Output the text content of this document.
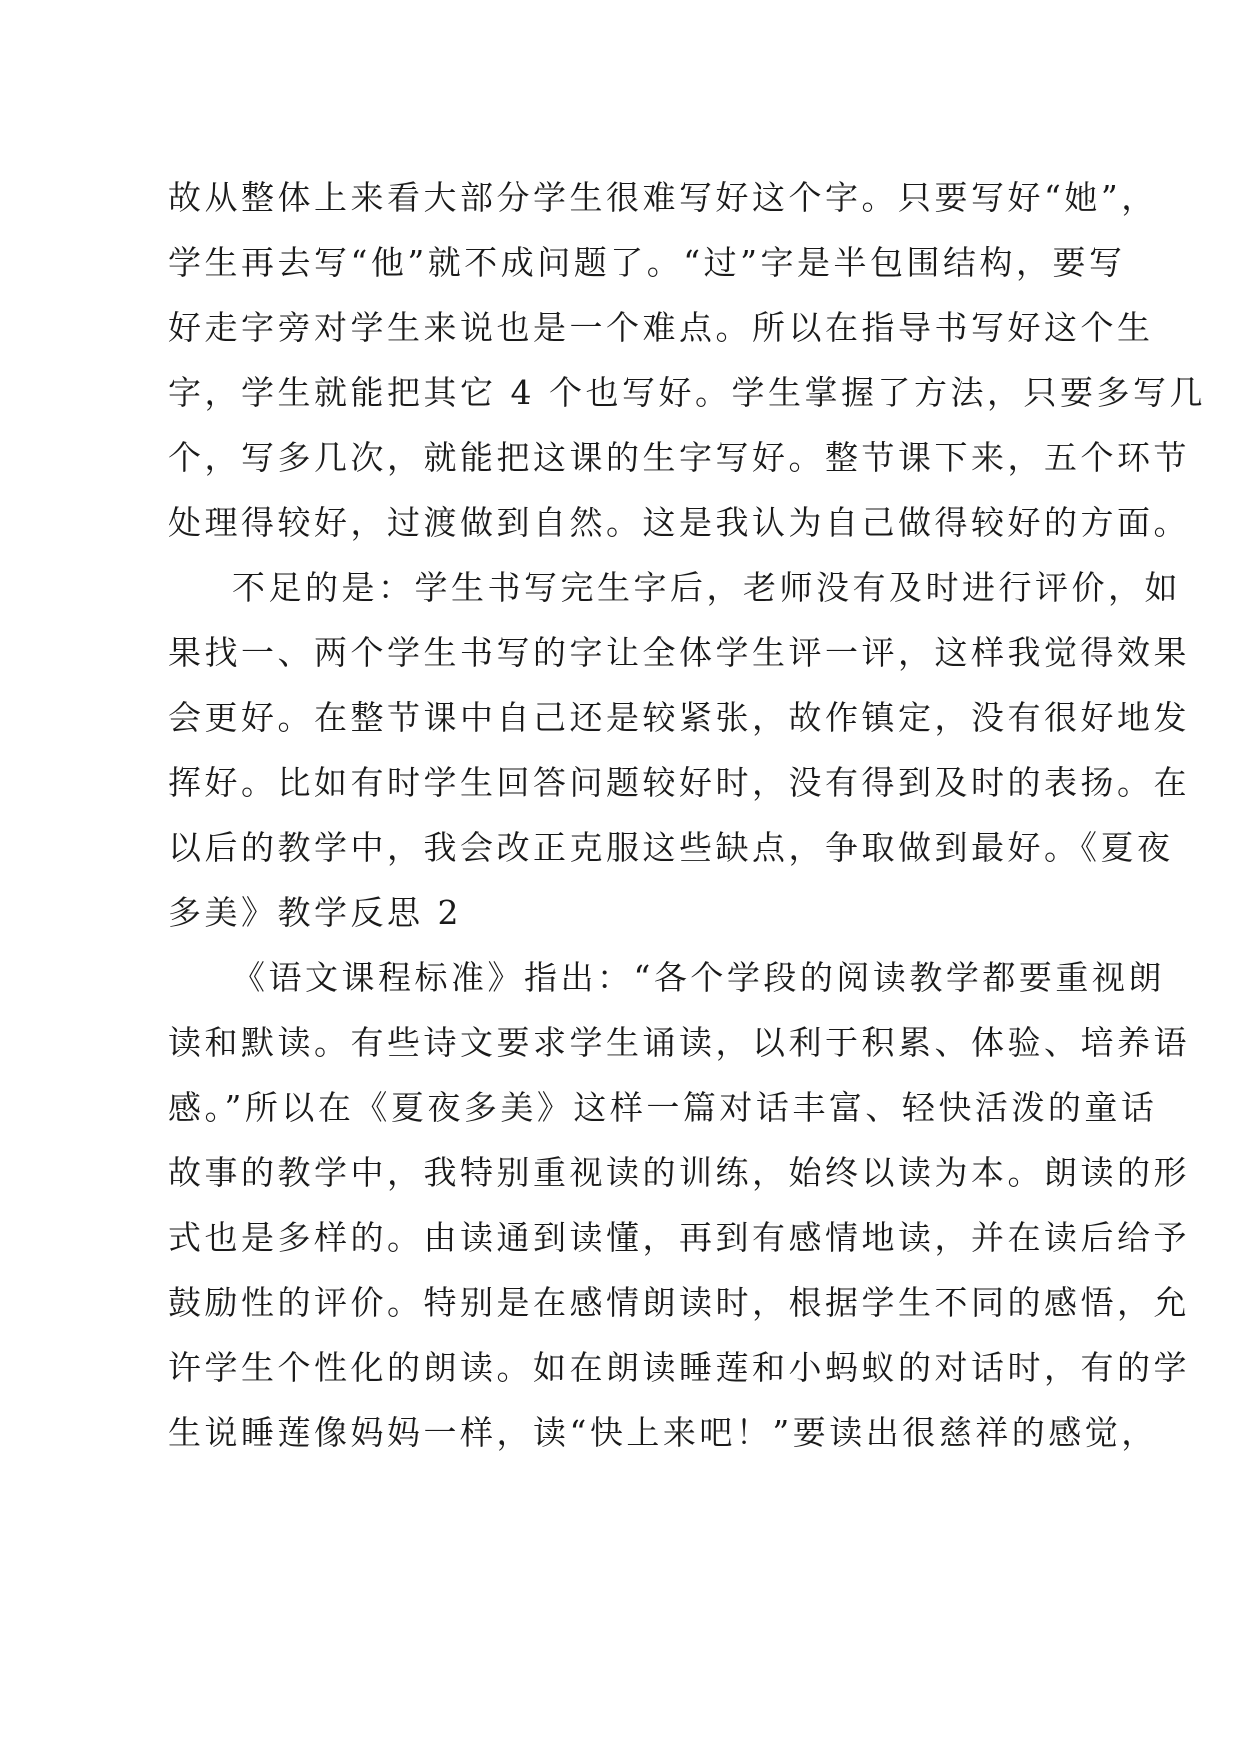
故从整体上来看大部分学生很难写好这个字。只要写好“她”，
学生再去写“他”就不成问题了。“过”字是半包围结构，要写
好走字旁对学生来说也是一个难点。所以在指导书写好这个生
字，学生就能把其它 4 个也写好。学生掌握了方法，只要多写几
个，写多几次，就能把这课的生字写好。整节课下来，五个环节
处理得较好，过渡做到自然。这是我认为自己做得较好的方面。
不足的是：学生书写完生字后，老师没有及时进行评价，如
果找一、两个学生书写的字让全体学生评一评，这样我觉得效果
会更好。在整节课中自己还是较紧张，故作镇定，没有很好地发
挥好。比如有时学生回答问题较好时，没有得到及时的表扬。在
以后的教学中，我会改正克服这些缺点，争取做到最好。《夏夜
多美》教学反思 2
《语文课程标准》指出：“各个学段的阅读教学都要重视朗
读和默读。有些诗文要求学生诵读，以利于积累、体验、培养语
感。”所以在《夏夜多美》这样一篇对话丰富、轻快活泼的童话
故事的教学中，我特别重视读的训练，始终以读为本。朗读的形
式也是多样的。由读通到读懂，再到有感情地读，并在读后给予
鼓励性的评价。特别是在感情朗读时，根据学生不同的感悟，允
许学生个性化的朗读。如在朗读睡莲和小蚂蚁的对话时，有的学
生说睡莲像妈妈一样，读“快上来吧！”要读出很慈祥的感觉，
